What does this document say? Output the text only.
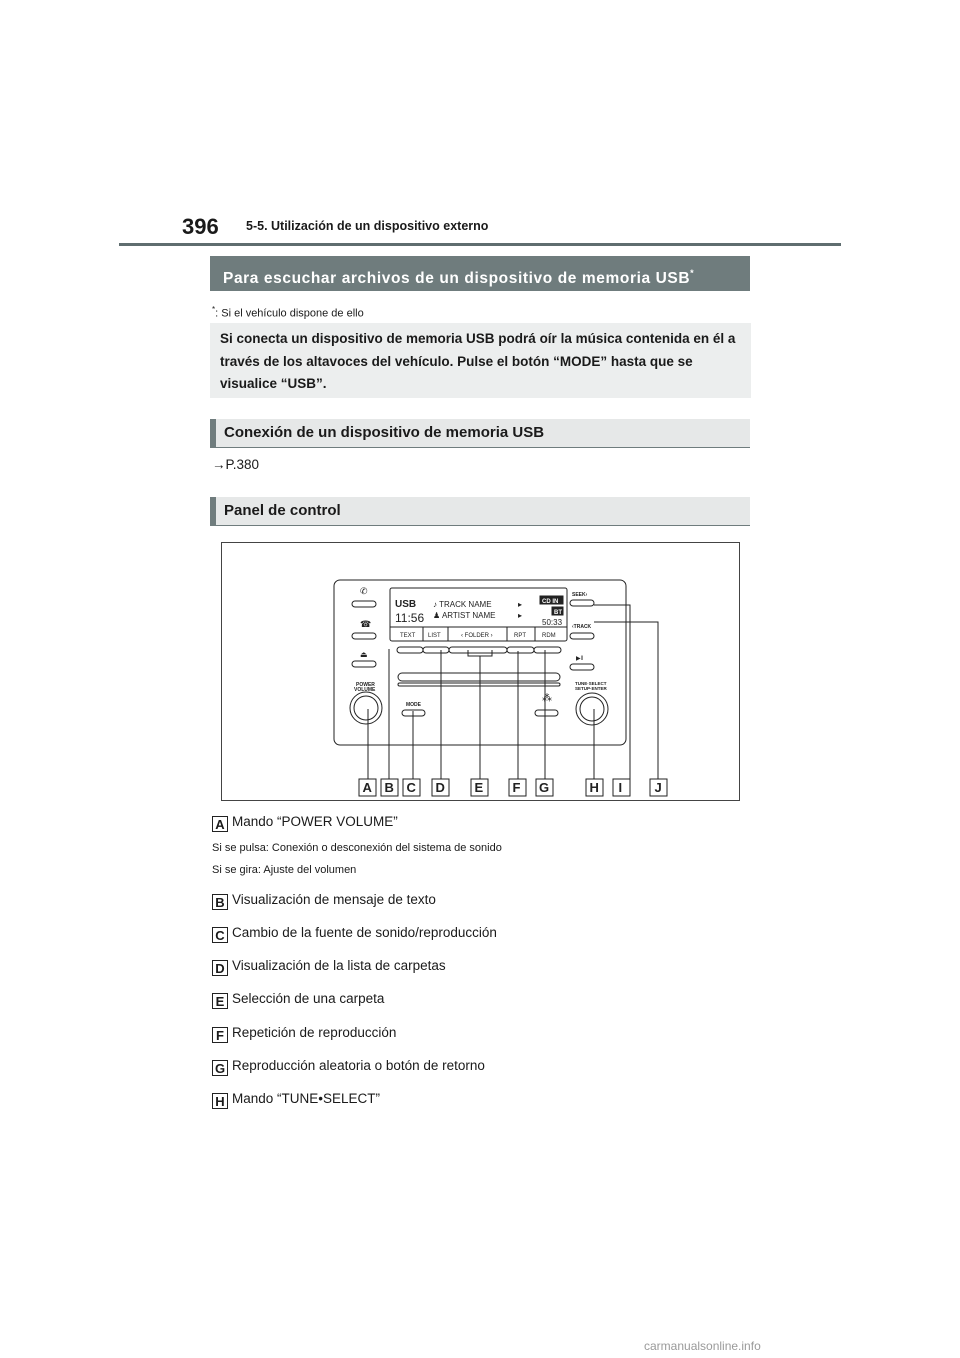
396 5-5. Utilización de un dispositivo externo
Para escuchar archivos de un dispositivo de memoria USB*
*: Si el vehículo dispone de ello
Si conecta un dispositivo de memoria USB podrá oír la música contenida en él a través de los altavoces del vehículo. Pulse el botón “MODE” hasta que se visualice “USB”.
Conexión de un dispositivo de memoria USB
→P.380
Panel de control
✆
☎
⏏
⁂
USB
11:56
♪ TRACK NAME
♟ ARTIST NAME
▸
▸
CD IN
BT
50:33
TEXT LIST	‹ FOLDER ›	RPT	RDM
POWER
VOLUME
MODE
SEEK›
‹TRACK
▶‖
TUNE·SELECT
SETUP·ENTER
A B C D E F G	H I J
A Mando “POWER VOLUME”
Si se pulsa: Conexión o desconexión del sistema de sonido
Si se gira: Ajuste del volumen
B Visualización de mensaje de texto
C Cambio de la fuente de sonido/reproducción
D Visualización de la lista de carpetas
E Selección de una carpeta
F Repetición de reproducción
G Reproducción aleatoria o botón de retorno
H Mando “TUNE•SELECT”
carmanualsonline.info
